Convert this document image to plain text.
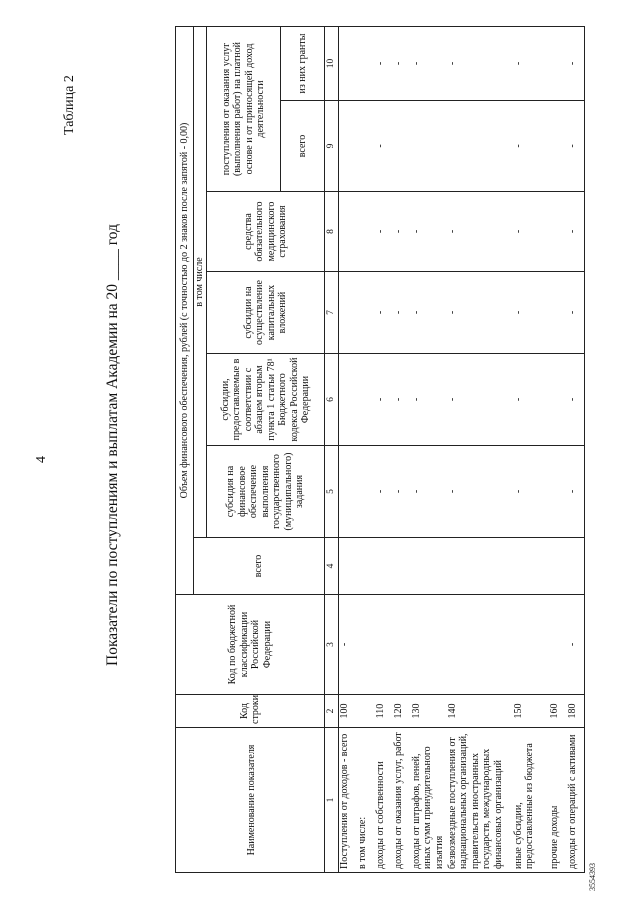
4
Таблица 2
Показатели по поступлениям и выплатам Академии на 20 ____ год
Наименование показателя	Код строки	Код по бюджетной классификации Российской Федерации	Объем финансового обеспечения, рублей (с точностью до 2 знаков после запятой - 0,00)						
			всего	в том числе					
				субсидия на финансовое обеспечение выполнения государственного (муниципального) задания	субсидии, предоставляемые в соответствии с абзацем вторым пункта 1 статьи 78¹ Бюджетного кодекса Российской Федерации	субсидии на осуществление капитальных вложений	средства обязательного медицинского страхования	поступления от оказания услуг (выполнения работ) на платной основе и от приносящей доход деятельности	
								всего	из них гранты
1	2	3	4	5	6	7	8	9	10
Поступления от доходов - всего	100	-							
в том числе:									
доходы от собственности	110			-	-	-	-	-	-
доходы от оказания услуг, работ	120			-	-	-	-		-
доходы от штрафов, пеней, иных сумм принудительного изъятия	130			-	-	-	-		-
безвозмездные поступления от наднациональных организаций, правительств иностранных государств, международных финансовых организаций	140			-	-	-	-		-
иные субсидии, предоставленные из бюджета	150			-	-	-	-	-	-
прочие доходы	160								
доходы от операций с активами	180	-		-	-	-	-	-	-
3554393
